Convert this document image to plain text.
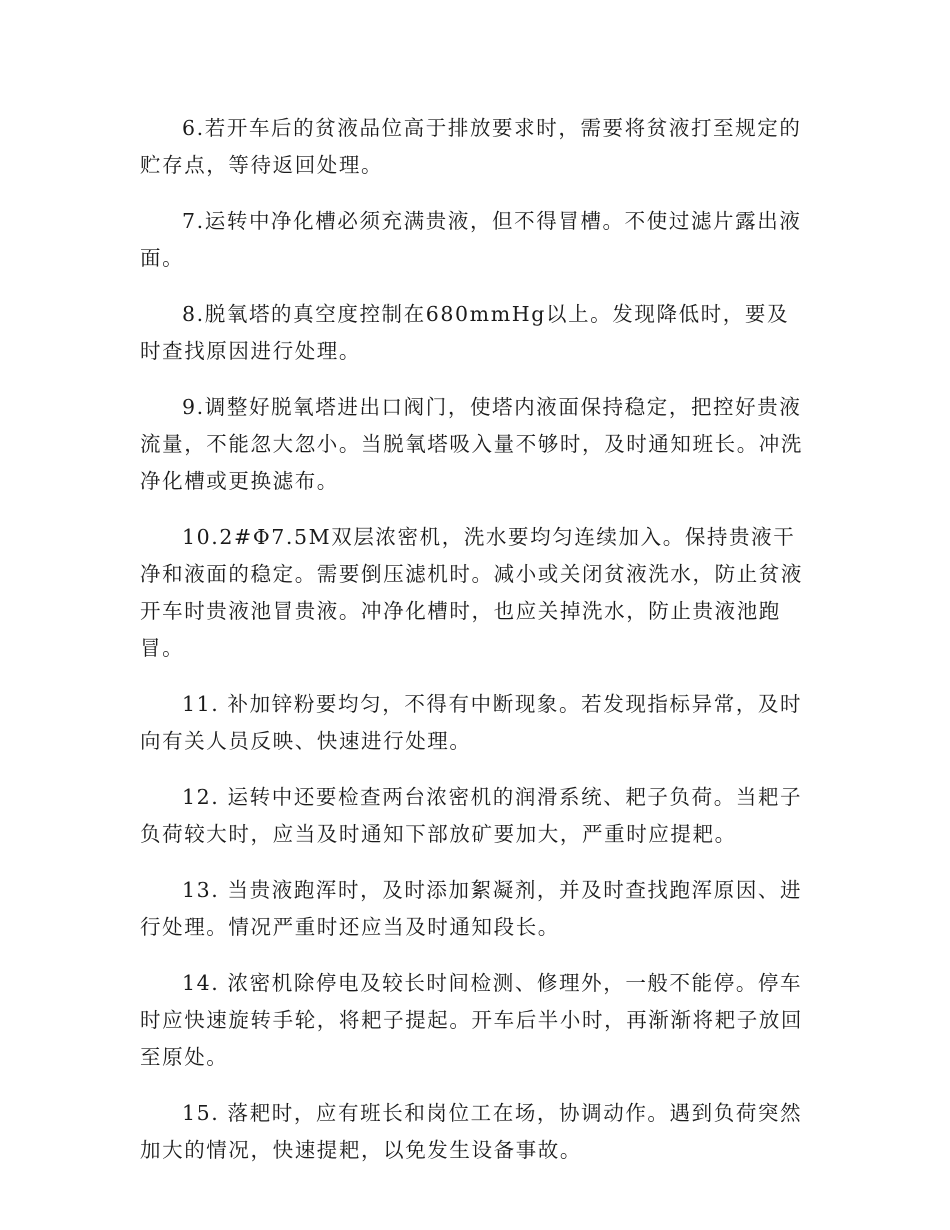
6.若开车后的贫液品位高于排放要求时，需要将贫液打至规定的贮存点，等待返回处理。

7.运转中净化槽必须充满贵液，但不得冒槽。不使过滤片露出液面。

8.脱氧塔的真空度控制在680mmHg以上。发现降低时，要及时查找原因进行处理。

9.调整好脱氧塔进出口阀门，使塔内液面保持稳定，把控好贵液流量，不能忽大忽小。当脱氧塔吸入量不够时，及时通知班长。冲洗净化槽或更换滤布。

10.2#Φ7.5M双层浓密机，洗水要均匀连续加入。保持贵液干净和液面的稳定。需要倒压滤机时。减小或关闭贫液洗水，防止贫液开车时贵液池冒贵液。冲净化槽时，也应关掉洗水，防止贵液池跑冒。

11. 补加锌粉要均匀，不得有中断现象。若发现指标异常，及时向有关人员反映、快速进行处理。

12. 运转中还要检查两台浓密机的润滑系统、耙子负荷。当耙子负荷较大时，应当及时通知下部放矿要加大，严重时应提耙。

13. 当贵液跑浑时，及时添加絮凝剂，并及时查找跑浑原因、进行处理。情况严重时还应当及时通知段长。

14. 浓密机除停电及较长时间检测、修理外，一般不能停。停车时应快速旋转手轮，将耙子提起。开车后半小时，再渐渐将耙子放回至原处。

15. 落耙时，应有班长和岗位工在场，协调动作。遇到负荷突然加大的情况，快速提耙，以免发生设备事故。
